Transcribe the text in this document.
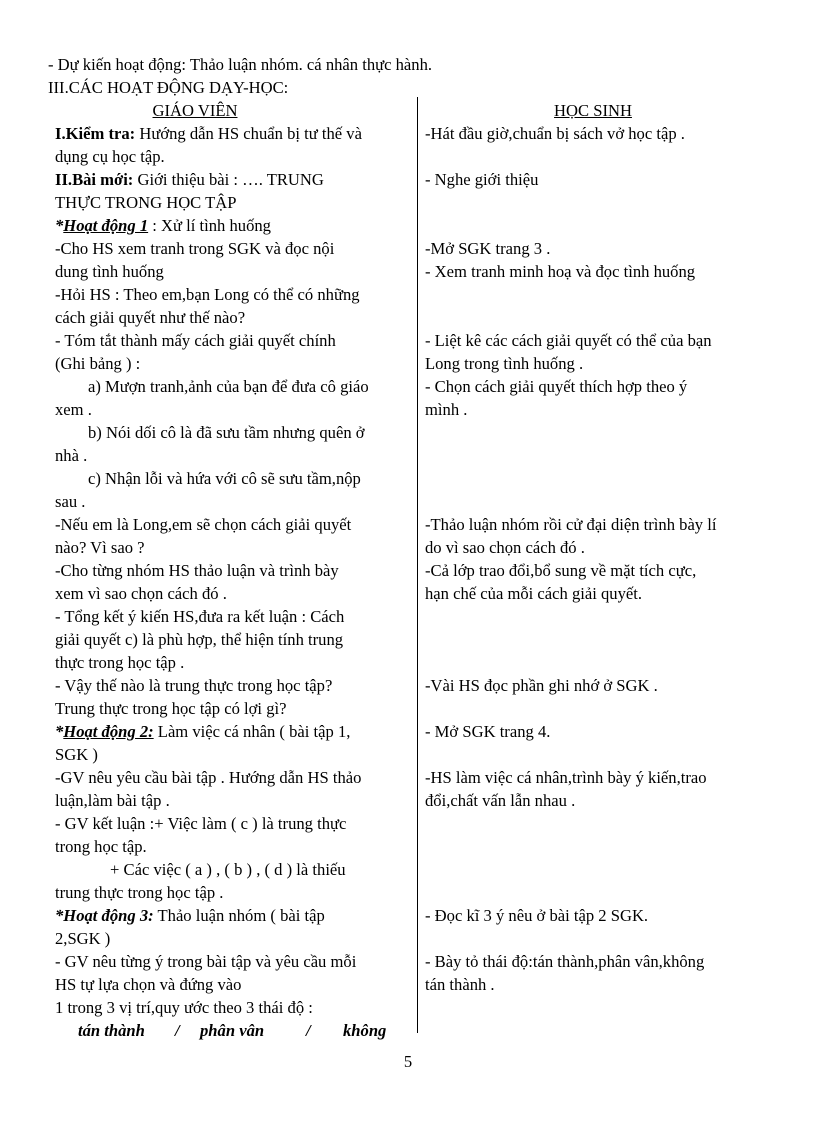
- Dự kiến hoạt động: Thảo luận nhóm. cá nhân thực hành.
III.CÁC HOẠT ĐỘNG DẠY-HỌC:
GIÁO VIÊN	HỌC SINH
I.Kiểm tra: Hướng dẫn HS chuẩn bị tư thế và
dụng cụ học tập.
II.Bài mới: Giới thiệu bài : …. TRUNG
THỰC TRONG HỌC TẬP
*Hoạt động 1 : Xử lí tình huống
-Cho HS xem tranh trong SGK và đọc nội
dung tình huống
-Hỏi HS : Theo em,bạn Long có thể có những
cách giải quyết như thế nào?
- Tóm tắt thành mấy cách giải quyết chính
(Ghi bảng ) :
a) Mượn tranh,ảnh của bạn để đưa cô giáo
xem .
b) Nói dối cô là đã sưu tầm nhưng quên ở
nhà .
c) Nhận lỗi và hứa với cô sẽ sưu tầm,nộp
sau .
-Nếu em là Long,em sẽ chọn cách giải quyết
nào? Vì sao ?
-Cho từng nhóm HS thảo luận và trình bày
xem vì sao chọn cách đó .
- Tổng kết ý kiến HS,đưa ra kết luận : Cách
giải quyết c) là phù hợp, thể hiện tính trung
thực trong học tập .
- Vậy thế nào là trung thực trong học tập?
Trung thực trong học tập có lợi gì?
*Hoạt động 2: Làm việc cá nhân ( bài tập 1,
SGK )
-GV nêu yêu cầu bài tập . Hướng dẫn HS thảo
luận,làm bài tập .
- GV kết luận :+ Việc làm ( c ) là trung thực
trong học tập.
+ Các việc ( a ) , ( b ) , ( d ) là thiếu
trung thực trong học tập .
*Hoạt động 3: Thảo luận nhóm ( bài tập
2,SGK )
- GV nêu từng ý trong bài tập và yêu cầu mỗi
HS tự lựa chọn và đứng vào
1 trong 3 vị trí,quy ước theo 3 thái độ :
tán thành / phân vân	/ không
-Hát đầu giờ,chuẩn bị sách vở học tập .
- Nghe giới thiệu
-Mở SGK trang 3 .
- Xem tranh minh hoạ và đọc tình huống
- Liệt kê các cách giải quyết có thể của bạn
Long trong tình huống .
- Chọn cách giải quyết thích hợp theo ý
mình .
-Thảo luận nhóm rồi cử đại diện trình bày lí
do vì sao chọn cách đó .
-Cả lớp trao đổi,bổ sung về mặt tích cực,
hạn chế của mỗi cách giải quyết.
-Vài HS đọc phần ghi nhớ ở SGK .
- Mở SGK trang 4.
-HS làm việc cá nhân,trình bày ý kiến,trao
đổi,chất vấn lẫn nhau .
- Đọc kĩ 3 ý nêu ở bài tập 2 SGK.
- Bày tỏ thái độ:tán thành,phân vân,không
tán thành .
5
